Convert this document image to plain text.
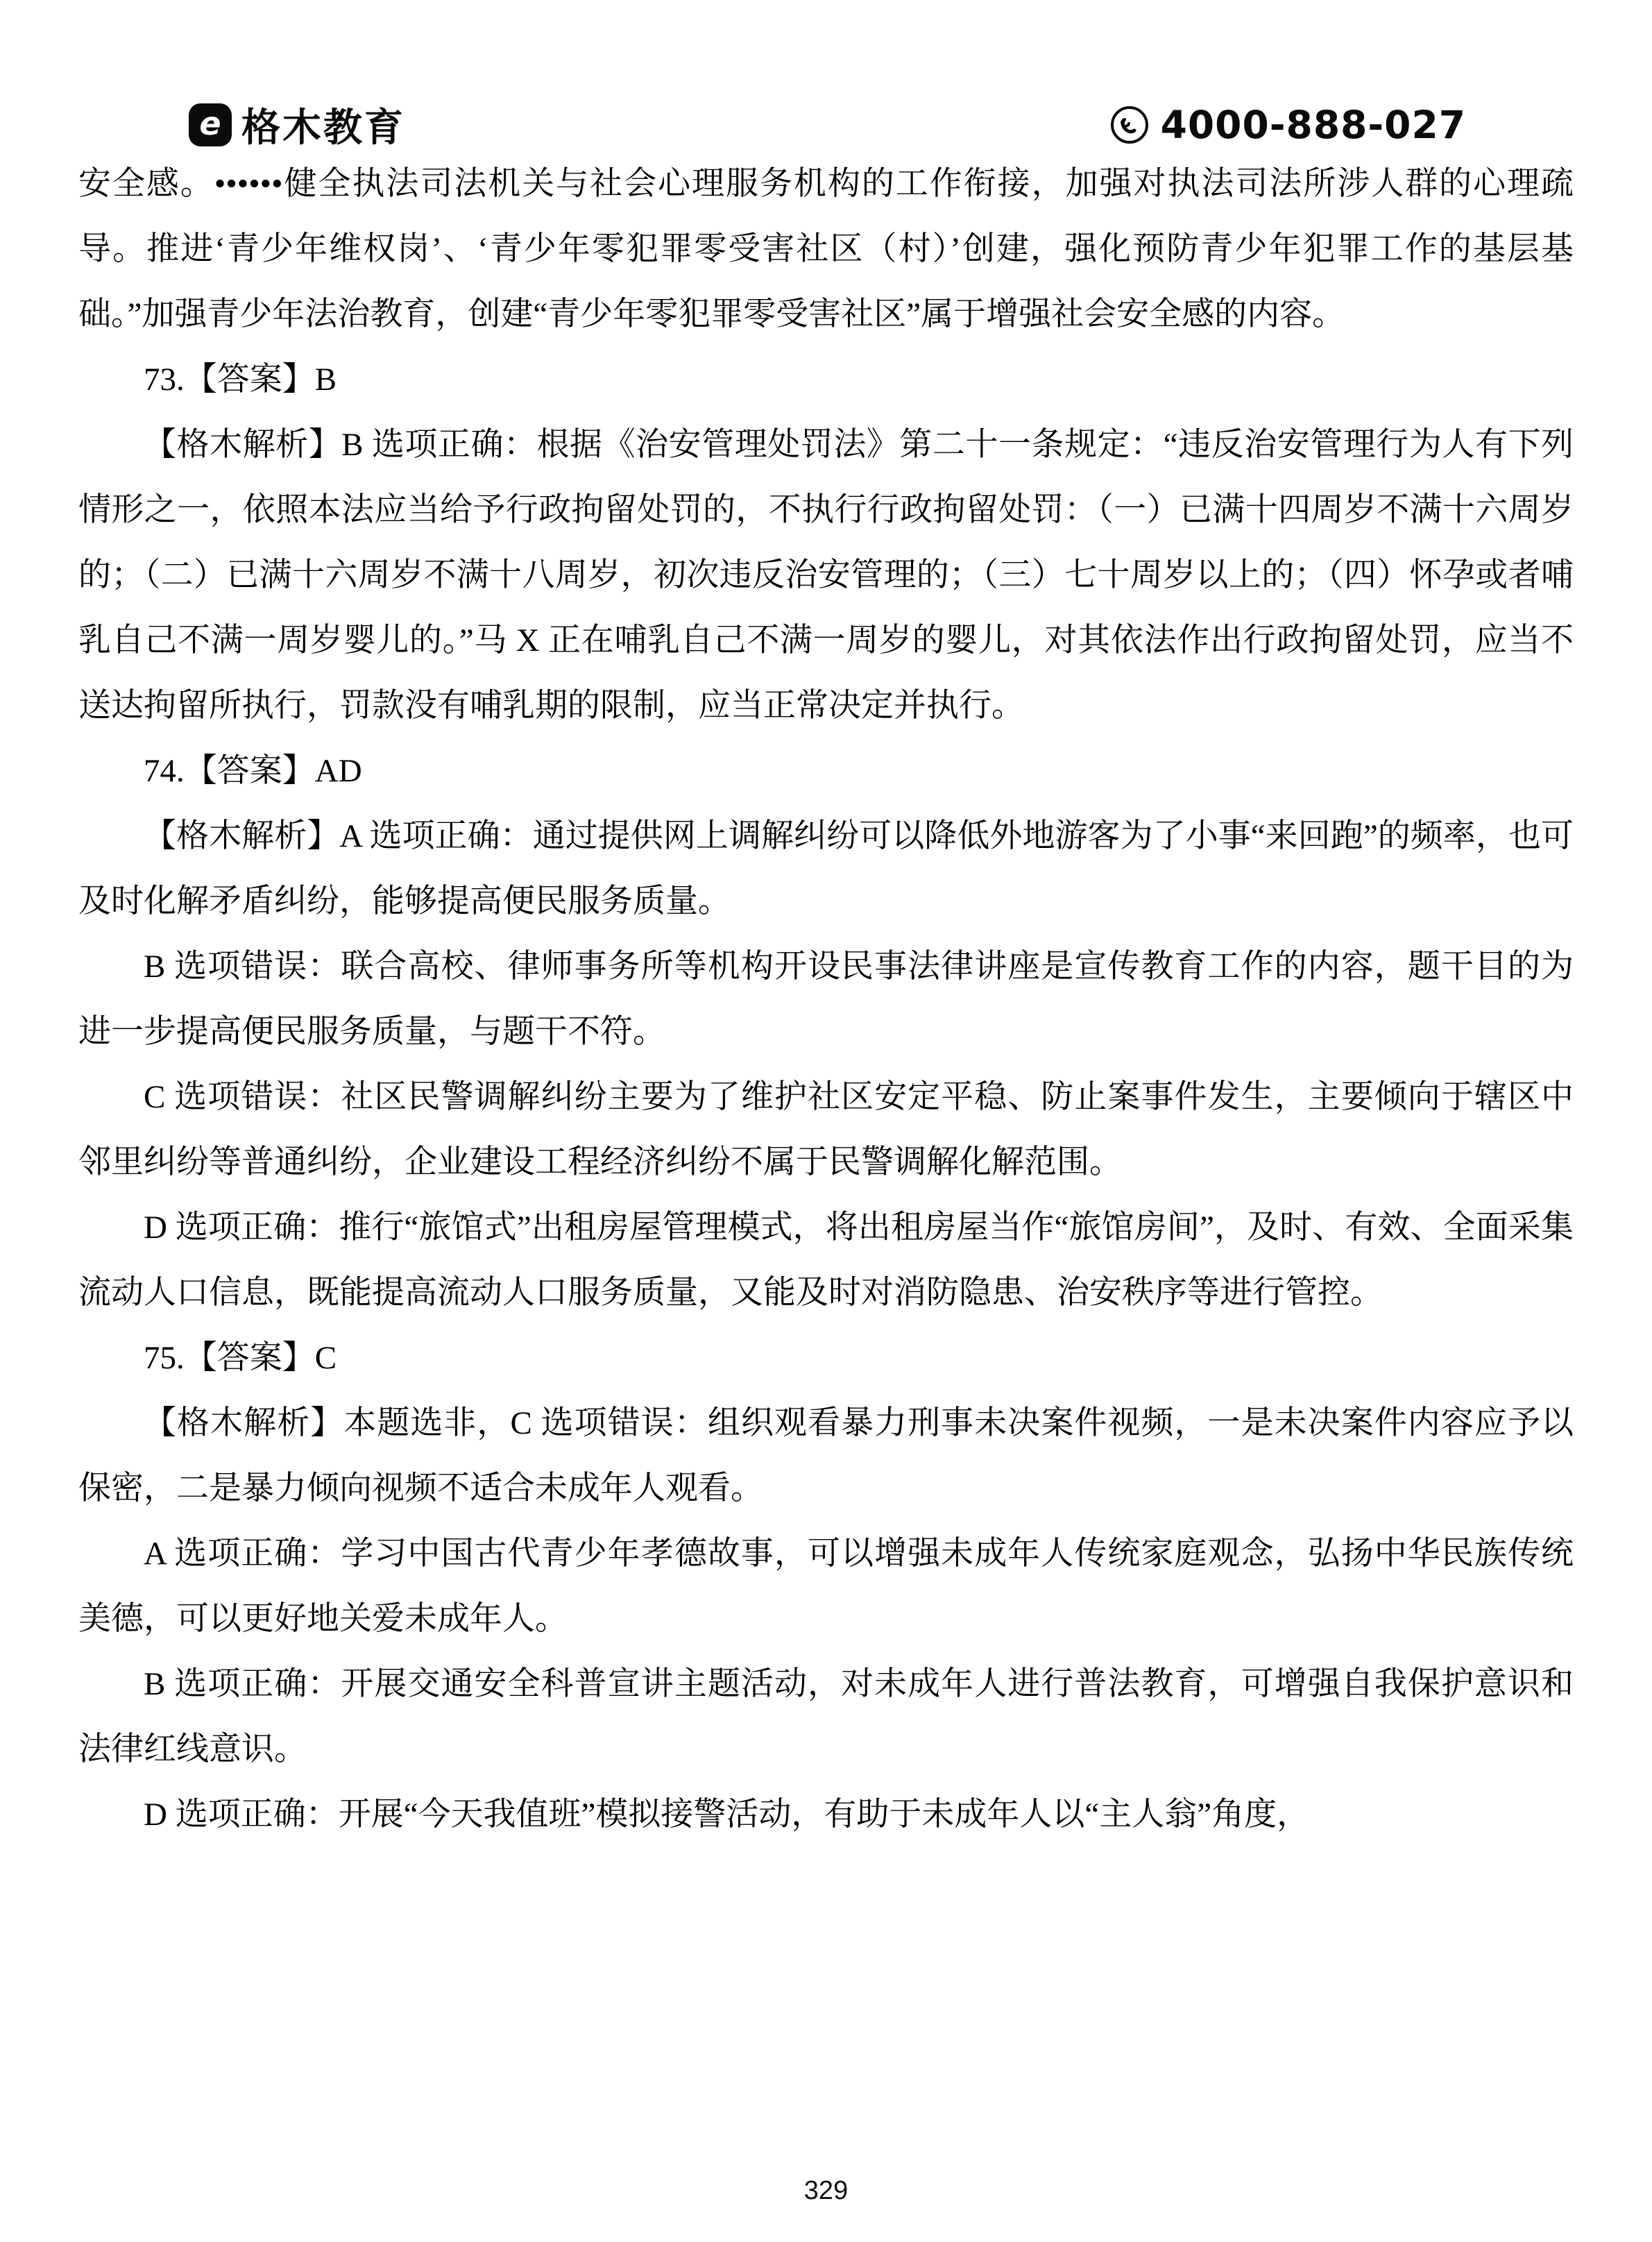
e 格木教育	4000-888-027

安全感。••••••健全执法司法机关与社会心理服务机构的工作衔接，加强对执法司法所涉人群的心理疏导。推进‘青少年维权岗’、‘青少年零犯罪零受害社区（村）’创建，强化预防青少年犯罪工作的基层基础。”加强青少年法治教育，创建“青少年零犯罪零受害社区”属于增强社会安全感的内容。

73.【答案】B

【格木解析】B 选项正确：根据《治安管理处罚法》第二十一条规定：“违反治安管理行为人有下列情形之一，依照本法应当给予行政拘留处罚的，不执行行政拘留处罚：（一）已满十四周岁不满十六周岁的；（二）已满十六周岁不满十八周岁，初次违反治安管理的；（三）七十周岁以上的；（四）怀孕或者哺乳自己不满一周岁婴儿的。”马 X 正在哺乳自己不满一周岁的婴儿，对其依法作出行政拘留处罚，应当不送达拘留所执行，罚款没有哺乳期的限制，应当正常决定并执行。

74.【答案】AD

【格木解析】A 选项正确：通过提供网上调解纠纷可以降低外地游客为了小事“来回跑”的频率，也可及时化解矛盾纠纷，能够提高便民服务质量。

B 选项错误：联合高校、律师事务所等机构开设民事法律讲座是宣传教育工作的内容，题干目的为进一步提高便民服务质量，与题干不符。

C 选项错误：社区民警调解纠纷主要为了维护社区安定平稳、防止案事件发生，主要倾向于辖区中邻里纠纷等普通纠纷，企业建设工程经济纠纷不属于民警调解化解范围。

D 选项正确：推行“旅馆式”出租房屋管理模式，将出租房屋当作“旅馆房间”，及时、有效、全面采集流动人口信息，既能提高流动人口服务质量，又能及时对消防隐患、治安秩序等进行管控。

75.【答案】C

【格木解析】本题选非，C 选项错误：组织观看暴力刑事未决案件视频，一是未决案件内容应予以保密，二是暴力倾向视频不适合未成年人观看。

A 选项正确：学习中国古代青少年孝德故事，可以增强未成年人传统家庭观念，弘扬中华民族传统美德，可以更好地关爱未成年人。

B 选项正确：开展交通安全科普宣讲主题活动，对未成年人进行普法教育，可增强自我保护意识和法律红线意识。

D 选项正确：开展“今天我值班”模拟接警活动，有助于未成年人以“主人翁”角度，

329
